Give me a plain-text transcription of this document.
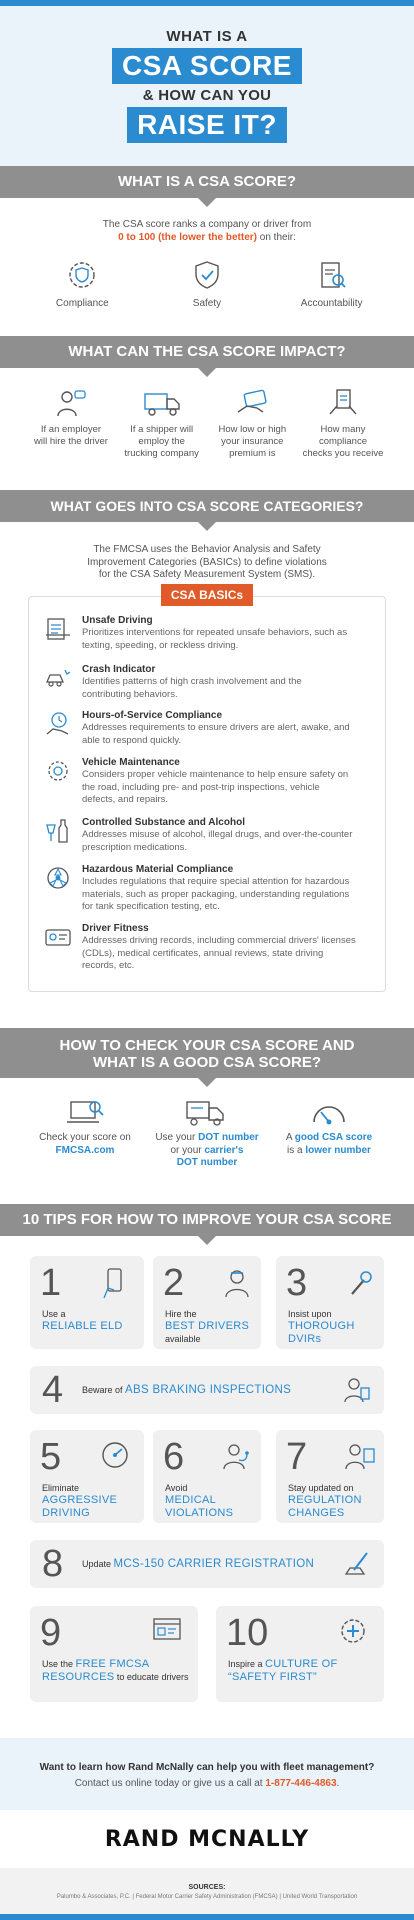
WHAT IS A
CSA SCORE
& HOW CAN YOU
RAISE IT?
WHAT IS A CSA SCORE?
The CSA score ranks a company or driver from
0 to 100 (the lower the better) on their:
Compliance	Safety	Accountability
WHAT CAN THE CSA SCORE IMPACT?
If an employer
will hire the driver
If a shipper will
employ the
trucking company
How low or high
your insurance
premium is
How many
compliance
checks you receive
WHAT GOES INTO CSA SCORE CATEGORIES?
The FMCSA uses the Behavior Analysis and Safety
Improvement Categories (BASICs) to define violations
for the CSA Safety Measurement System (SMS).
CSA BASICs
Unsafe Driving
Prioritizes interventions for repeated unsafe behaviors, such as
texting, speeding, or reckless driving.
Crash Indicator
Identifies patterns of high crash involvement and the
contributing behaviors.
Hours-of-Service Compliance
Addresses requirements to ensure drivers are alert, awake, and
able to respond quickly.
Vehicle Maintenance
Considers proper vehicle maintenance to help ensure safety on
the road, including pre- and post-trip inspections, vehicle
defects, and repairs.
Controlled Substance and Alcohol
Addresses misuse of alcohol, illegal drugs, and over-the-counter
prescription medications.
Hazardous Material Compliance
Includes regulations that require special attention for hazardous
materials, such as proper packaging, understanding regulations
for tank specification testing, etc.
Driver Fitness
Addresses driving records, including commercial drivers' licenses
(CDLs), medical certificates, annual reviews, state driving
records, etc.
HOW TO CHECK YOUR CSA SCORE AND
WHAT IS A GOOD CSA SCORE?
Check your score on
FMCSA.com
Use your DOT number
or your carrier's
DOT number
A good CSA score
is a lower number
10 TIPS FOR HOW TO IMPROVE YOUR CSA SCORE
1
Use a
RELIABLE ELD
2
Hire the
BEST DRIVERS
available
3
Insist upon
THOROUGH
DVIRs
4 Beware of ABS BRAKING INSPECTIONS
5
Eliminate
AGGRESSIVE
DRIVING
6
Avoid
MEDICAL
VIOLATIONS
7
Stay updated on
REGULATION
CHANGES
8 Update MCS-150 CARRIER REGISTRATION
9
Use the FREE FMCSA
RESOURCES to educate drivers
10
Inspire a CULTURE OF
“SAFETY FIRST”
Want to learn how Rand McNally can help you with fleet management?
Contact us online today or give us a call at 1-877-446-4863.
RAND MCNALLY
SOURCES:
Palumbo & Associates, P.C. | Federal Motor Carrier Safety Administration (FMCSA) | United World Transportation
